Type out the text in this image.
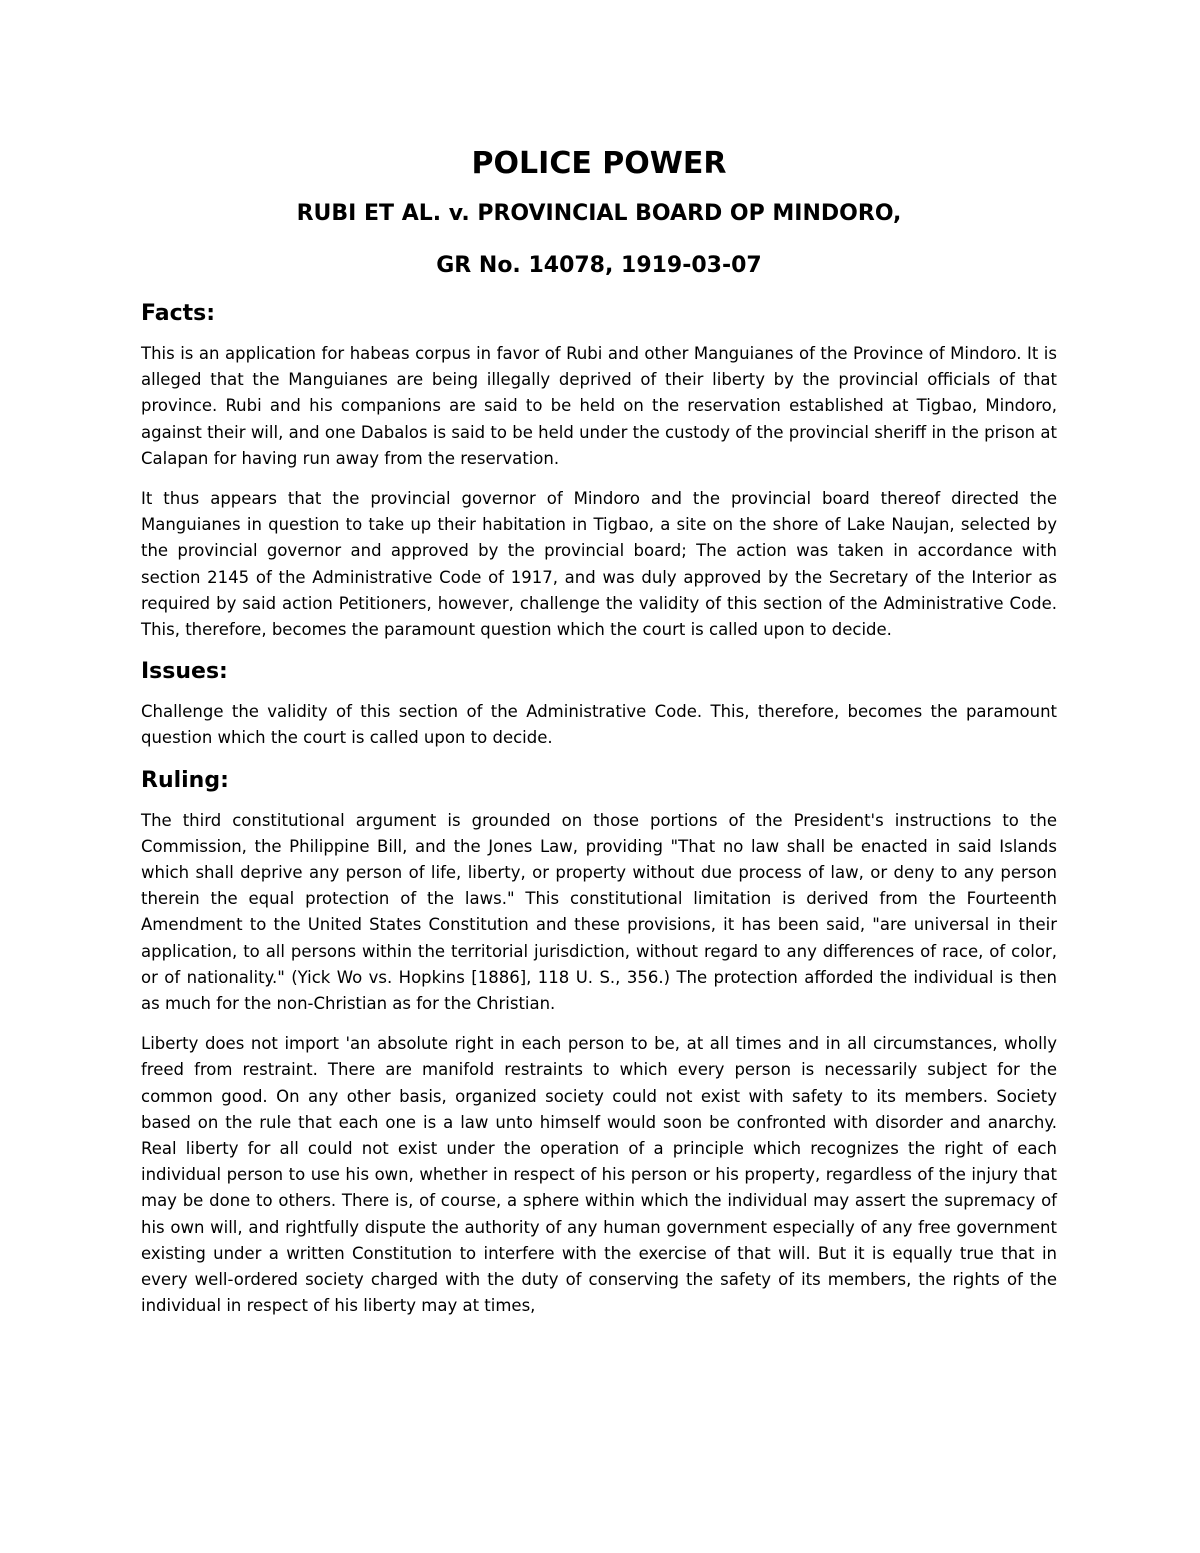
POLICE POWER
RUBI ET AL. v. PROVINCIAL BOARD OP MINDORO,
GR No. 14078, 1919-03-07
Facts:

This is an application for habeas corpus in favor of Rubi and other Manguianes of the Province of Mindoro. It is alleged that the Manguianes are being illegally deprived of their liberty by the provincial officials of that province. Rubi and his companions are said to be held on the reservation established at Tigbao, Mindoro, against their will, and one Dabalos is said to be held under the custody of the provincial sheriff in the prison at Calapan for having run away from the reservation.

It thus appears that the provincial governor of Mindoro and the provincial board thereof directed the Manguianes in question to take up their habitation in Tigbao, a site on the shore of Lake Naujan, selected by the provincial governor and approved by the provincial board; The action was taken in accordance with section 2145 of the Administrative Code of 1917, and was duly approved by the Secretary of the Interior as required by said action Petitioners, however, challenge the validity of this section of the Administrative Code. This, therefore, becomes the paramount question which the court is called upon to decide.

Issues:

Challenge the validity of this section of the Administrative Code. This, therefore, becomes the paramount question which the court is called upon to decide.

Ruling:

The third constitutional argument is grounded on those portions of the President's instructions to the Commission, the Philippine Bill, and the Jones Law, providing "That no law shall be enacted in said Islands which shall deprive any person of life, liberty, or property without due process of law, or deny to any person therein the equal protection of the laws." This constitutional limitation is derived from the Fourteenth Amendment to the United States Constitution and these provisions, it has been said, "are universal in their application, to all persons within the territorial jurisdiction, without regard to any differences of race, of color, or of nationality." (Yick Wo vs. Hopkins [1886], 118 U. S., 356.) The protection afforded the individual is then as much for the non-Christian as for the Christian.

Liberty does not import 'an absolute right in each person to be, at all times and in all circumstances, wholly freed from restraint. There are manifold restraints to which every person is necessarily subject for the common good. On any other basis, organized society could not exist with safety to its members. Society based on the rule that each one is a law unto himself would soon be confronted with disorder and anarchy. Real liberty for all could not exist under the operation of a principle which recognizes the right of each individual person to use his own, whether in respect of his person or his property, regardless of the injury that may be done to others. There is, of course, a sphere within which the individual may assert the supremacy of his own will, and rightfully dispute the authority of any human government especially of any free government existing under a written Constitution to interfere with the exercise of that will. But it is equally true that in every well-ordered society charged with the duty of conserving the safety of its members, the rights of the individual in respect of his liberty may at times,
